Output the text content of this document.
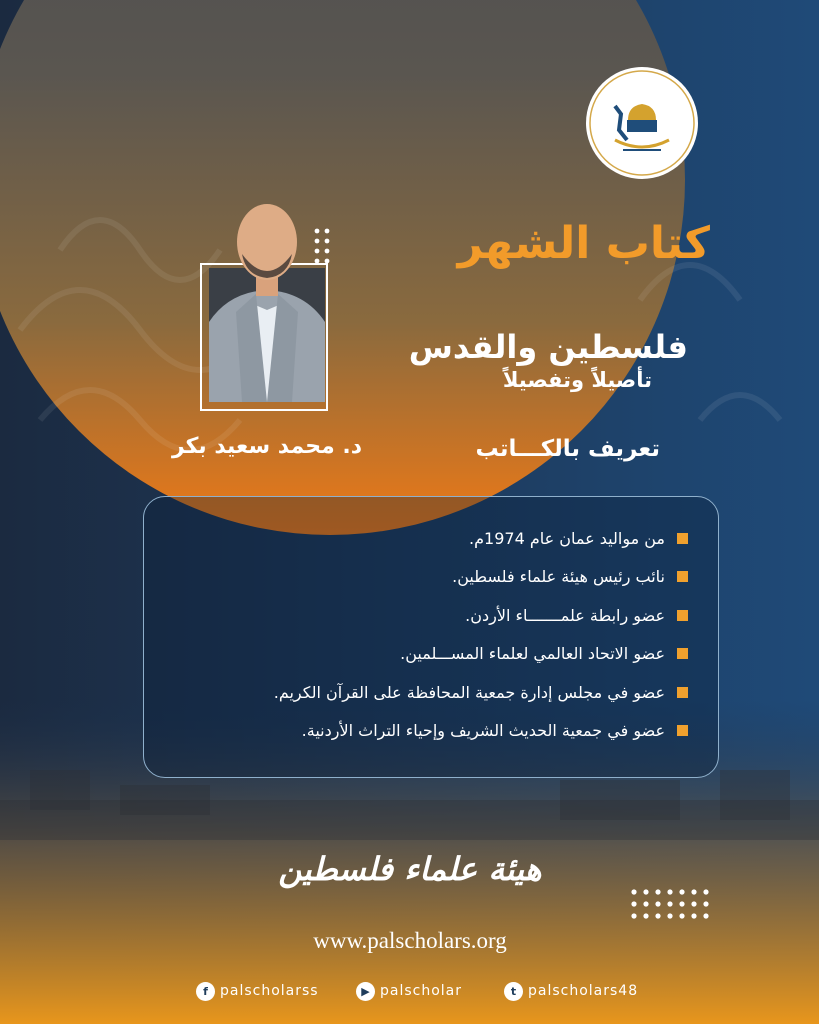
كتاب الشهر
فلسطين والقدس
تأصيلاً وتفصيلاً
تعريف بالكـــاتب
د. محمد سعيد بكر
من مواليد عمان عام 1974م.
نائب رئيس هيئة علماء فلسطين.
عضو رابطة علمـــــــاء الأردن.
عضو الاتحاد العالمي لعلماء المســـلمين.
عضو في مجلس إدارة جمعية المحافظة على القرآن الكريم.
عضو في جمعية الحديث الشريف وإحياء التراث الأردنية.
هيئة علماء فلسطين
www.palscholars.org
f palscholarss	▶ palscholar	t palscholars48
